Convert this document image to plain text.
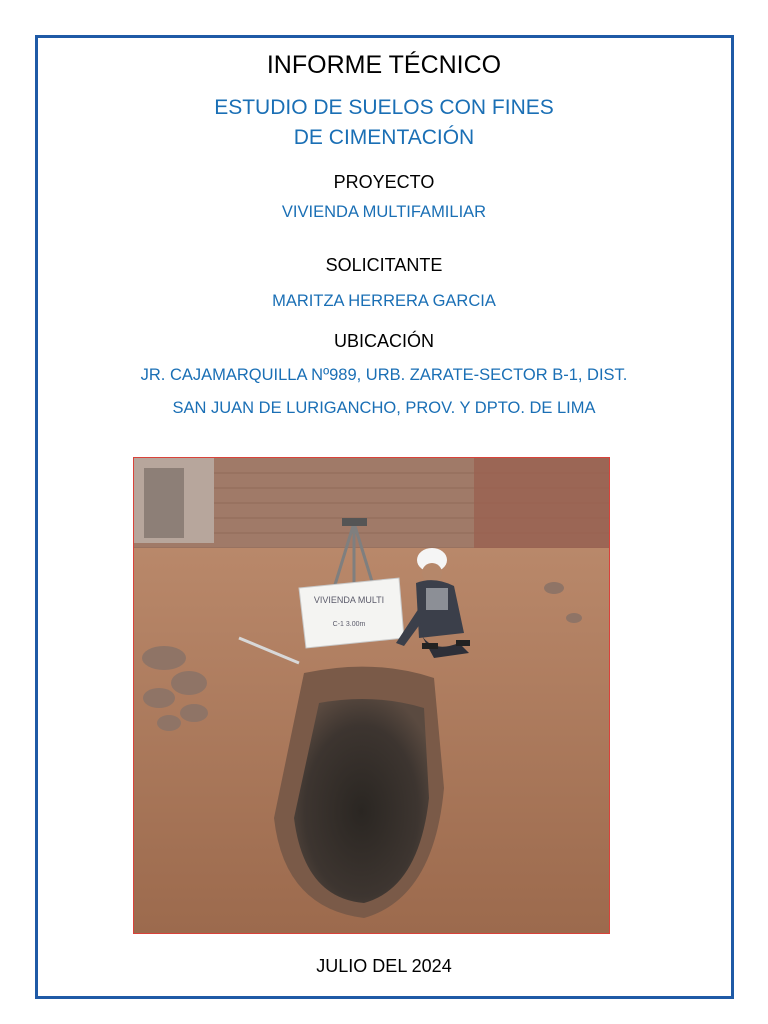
INFORME TÉCNICO
ESTUDIO DE SUELOS CON FINES
DE CIMENTACIÓN
PROYECTO
VIVIENDA MULTIFAMILIAR
SOLICITANTE
MARITZA HERRERA GARCIA
UBICACIÓN
JR. CAJAMARQUILLA Nº989, URB. ZARATE-SECTOR B-1, DIST.
SAN JUAN DE LURIGANCHO, PROV. Y DPTO. DE LIMA
VIVIENDA MULTI
C-1 3.00m
JULIO DEL 2024
